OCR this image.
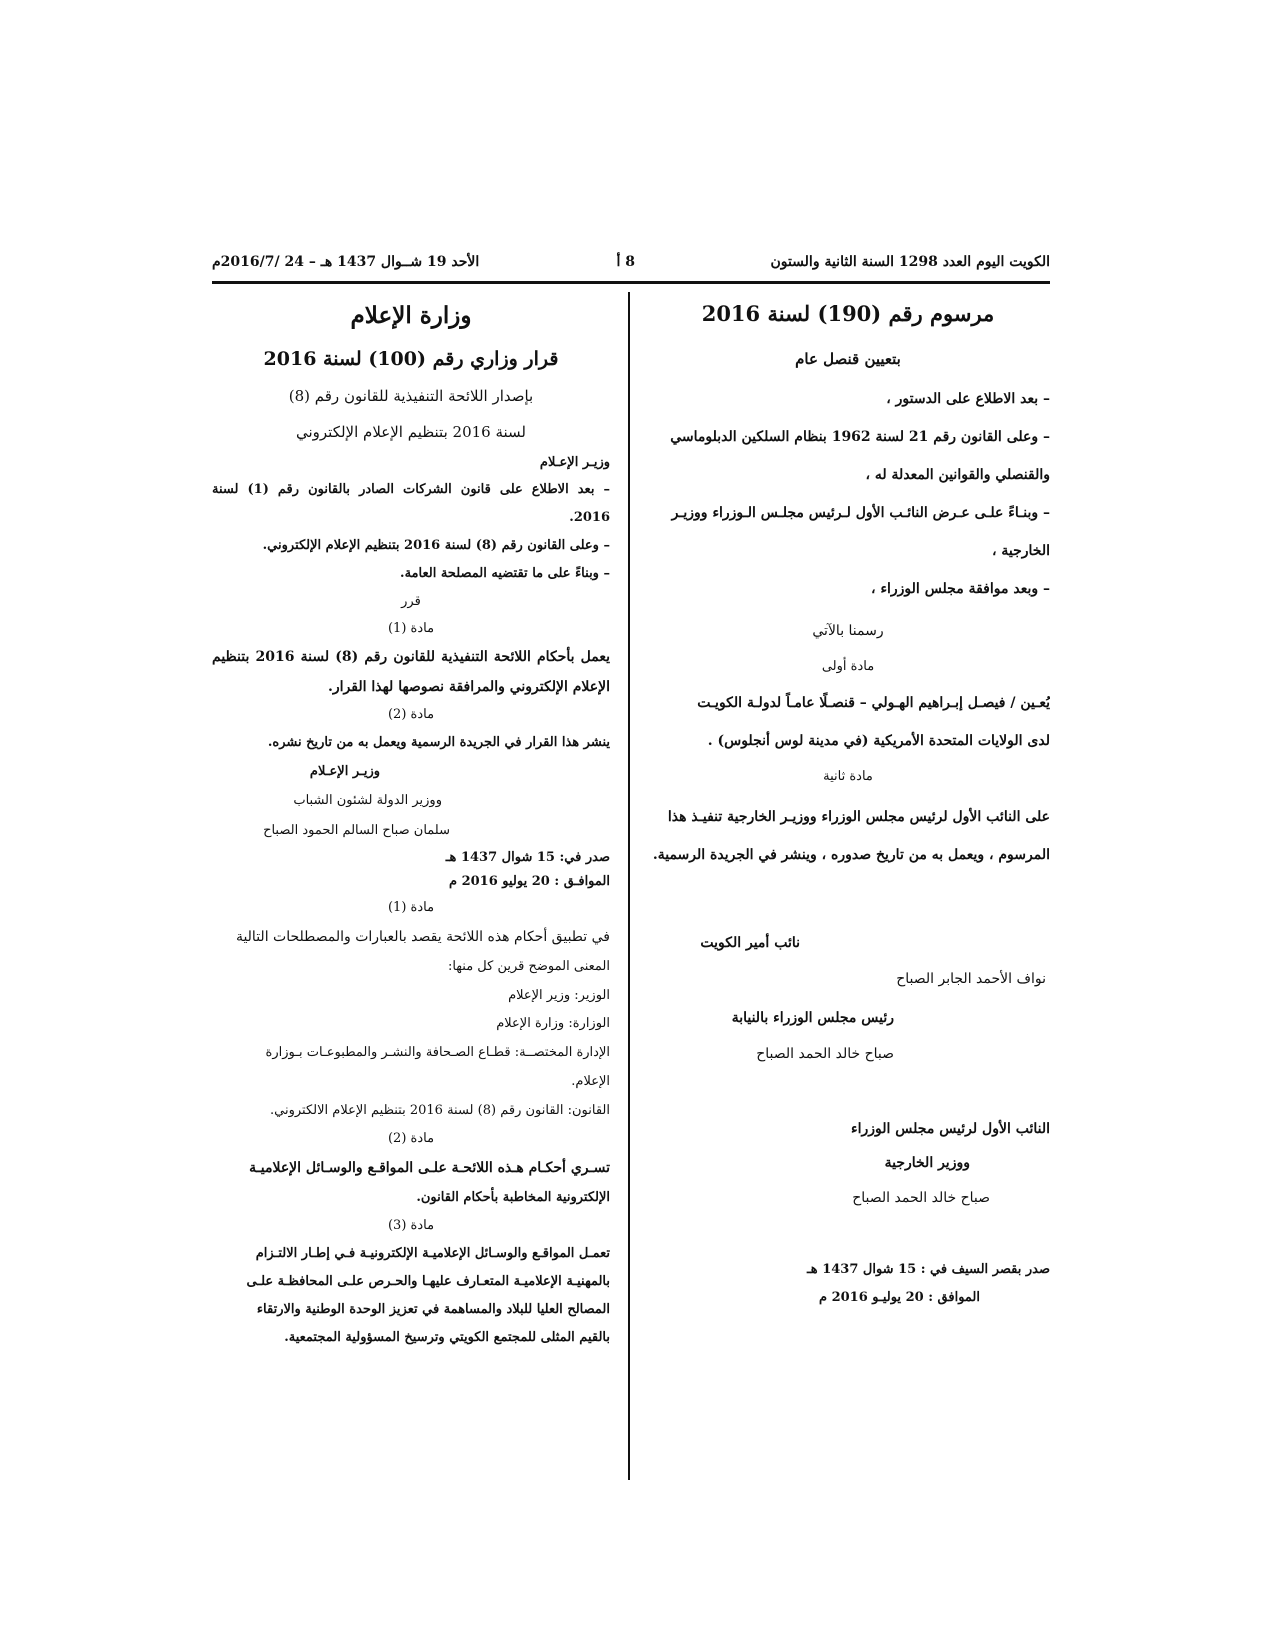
الكويت اليوم العدد 1298 السنة الثانية والستون
8 أ
الأحد 19 شــوال 1437 هـ – 24 /2016/7م
مرسوم رقم (190) لسنة 2016
بتعيين قنصل عام
– بعد الاطلاع على الدستور ،
– وعلى القانون رقم 21 لسنة 1962 بنظام السلكين الدبلوماسي
والقنصلي والقوانين المعدلة له ،
– وبنـاءً علـى عـرض النائـب الأول لـرئيس مجلـس الـوزراء ووزيـر
الخارجية ،
– وبعد موافقة مجلس الوزراء ،
رسمنا بالآتي
مادة أولى
يُعـين / فيصـل إبـراهيم الهـولي – قنصـلًا عامـاً لدولـة الكويـت
لدى الولايات المتحدة الأمريكية (في مدينة لوس أنجلوس) .
مادة ثانية
على النائب الأول لرئيس مجلس الوزراء ووزيـر الخارجية تنفيـذ هذا
المرسوم ، ويعمل به من تاريخ صدوره ، وينشر في الجريدة الرسمية.
نائب أمير الكويت
نواف الأحمد الجابر الصباح
رئيس مجلس الوزراء بالنيابة
صباح خالد الحمد الصباح
النائب الأول لرئيس مجلس الوزراء
ووزير الخارجية
صباح خالد الحمد الصباح
صدر بقصر السيف في : 15 شوال 1437 هـ
الموافق : 20 يوليـو 2016 م
وزارة الإعلام
قرار وزاري رقم (100) لسنة 2016
بإصدار اللائحة التنفيذية للقانون رقم (8)
لسنة 2016 بتنظيم الإعلام الإلكتروني
وزيـر الإعـلام
– بعد الاطلاع على قانون الشركات الصادر بالقانون رقم (1) لسنة 2016.
– وعلى القانون رقم (8) لسنة 2016 بتنظيم الإعلام الإلكتروني.
– وبناءً على ما تقتضيه المصلحة العامة.
قرر
مادة (1)
يعمل بأحكام اللائحة التنفيذية للقانون رقم (8) لسنة 2016 بتنظيم الإعلام الإلكتروني والمرافقة نصوصها لهذا القرار.
مادة (2)
ينشر هذا القرار في الجريدة الرسمية ويعمل به من تاريخ نشره.
وزيـر الإعـلام
ووزير الدولة لشئون الشباب
سلمان صباح السالم الحمود الصباح
صدر في: 15 شوال 1437 هـ
الموافـق : 20 يوليو 2016 م
مادة (1)
في تطبيق أحكام هذه اللائحة يقصد بالعبارات والمصطلحات التالية
المعنى الموضح قرين كل منها:
الوزير: وزير الإعلام
الوزارة: وزارة الإعلام
الإدارة المختصــة: قطـاع الصـحافة والنشـر والمطبوعـات بـوزارة
الإعلام.
القانون: القانون رقم (8) لسنة 2016 بتنظيم الإعلام الالكتروني.
مادة (2)
تسـري أحكـام هـذه اللائحـة علـى المواقـع والوسـائل الإعلاميـة
الإلكترونية المخاطبة بأحكام القانون.
مادة (3)
تعمـل المواقـع والوسـائل الإعلاميـة الإلكترونيـة فـي إطـار الالتـزام
بالمهنيـة الإعلاميـة المتعـارف عليهـا والحـرص علـى المحافظـة علـى
المصالح العليا للبلاد والمساهمة في تعزيز الوحدة الوطنية والارتقاء
بالقيم المثلى للمجتمع الكويتي وترسيخ المسؤولية المجتمعية.
